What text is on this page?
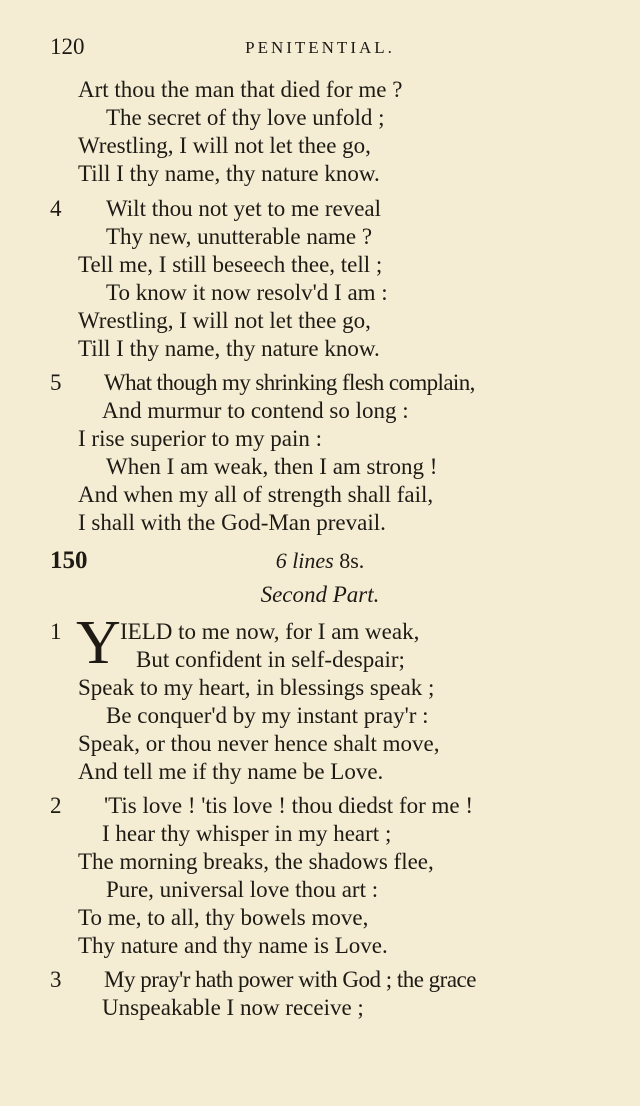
120	PENITENTIAL.
Art thou the man that died for me ?
The secret of thy love unfold ;
Wrestling, I will not let thee go,
Till I thy name, thy nature know.
4 Wilt thou not yet to me reveal
Thy new, unutterable name ?
Tell me, I still beseech thee, tell ;
To know it now resolv'd I am :
Wrestling, I will not let thee go,
Till I thy name, thy nature know.
5 What though my shrinking flesh complain,
And murmur to contend so long :
I rise superior to my pain :
When I am weak, then I am strong !
And when my all of strength shall fail,
I shall with the God-Man prevail.
150	6 lines 8s.
Second Part.
1 Y IELD to me now, for I am weak,
But confident in self-despair;
Speak to my heart, in blessings speak ;
Be conquer'd by my instant pray'r :
Speak, or thou never hence shalt move,
And tell me if thy name be Love.
2 'Tis love ! 'tis love ! thou diedst for me !
I hear thy whisper in my heart ;
The morning breaks, the shadows flee,
Pure, universal love thou art :
To me, to all, thy bowels move,
Thy nature and thy name is Love.
3 My pray'r hath power with God ; the grace
Unspeakable I now receive ;
